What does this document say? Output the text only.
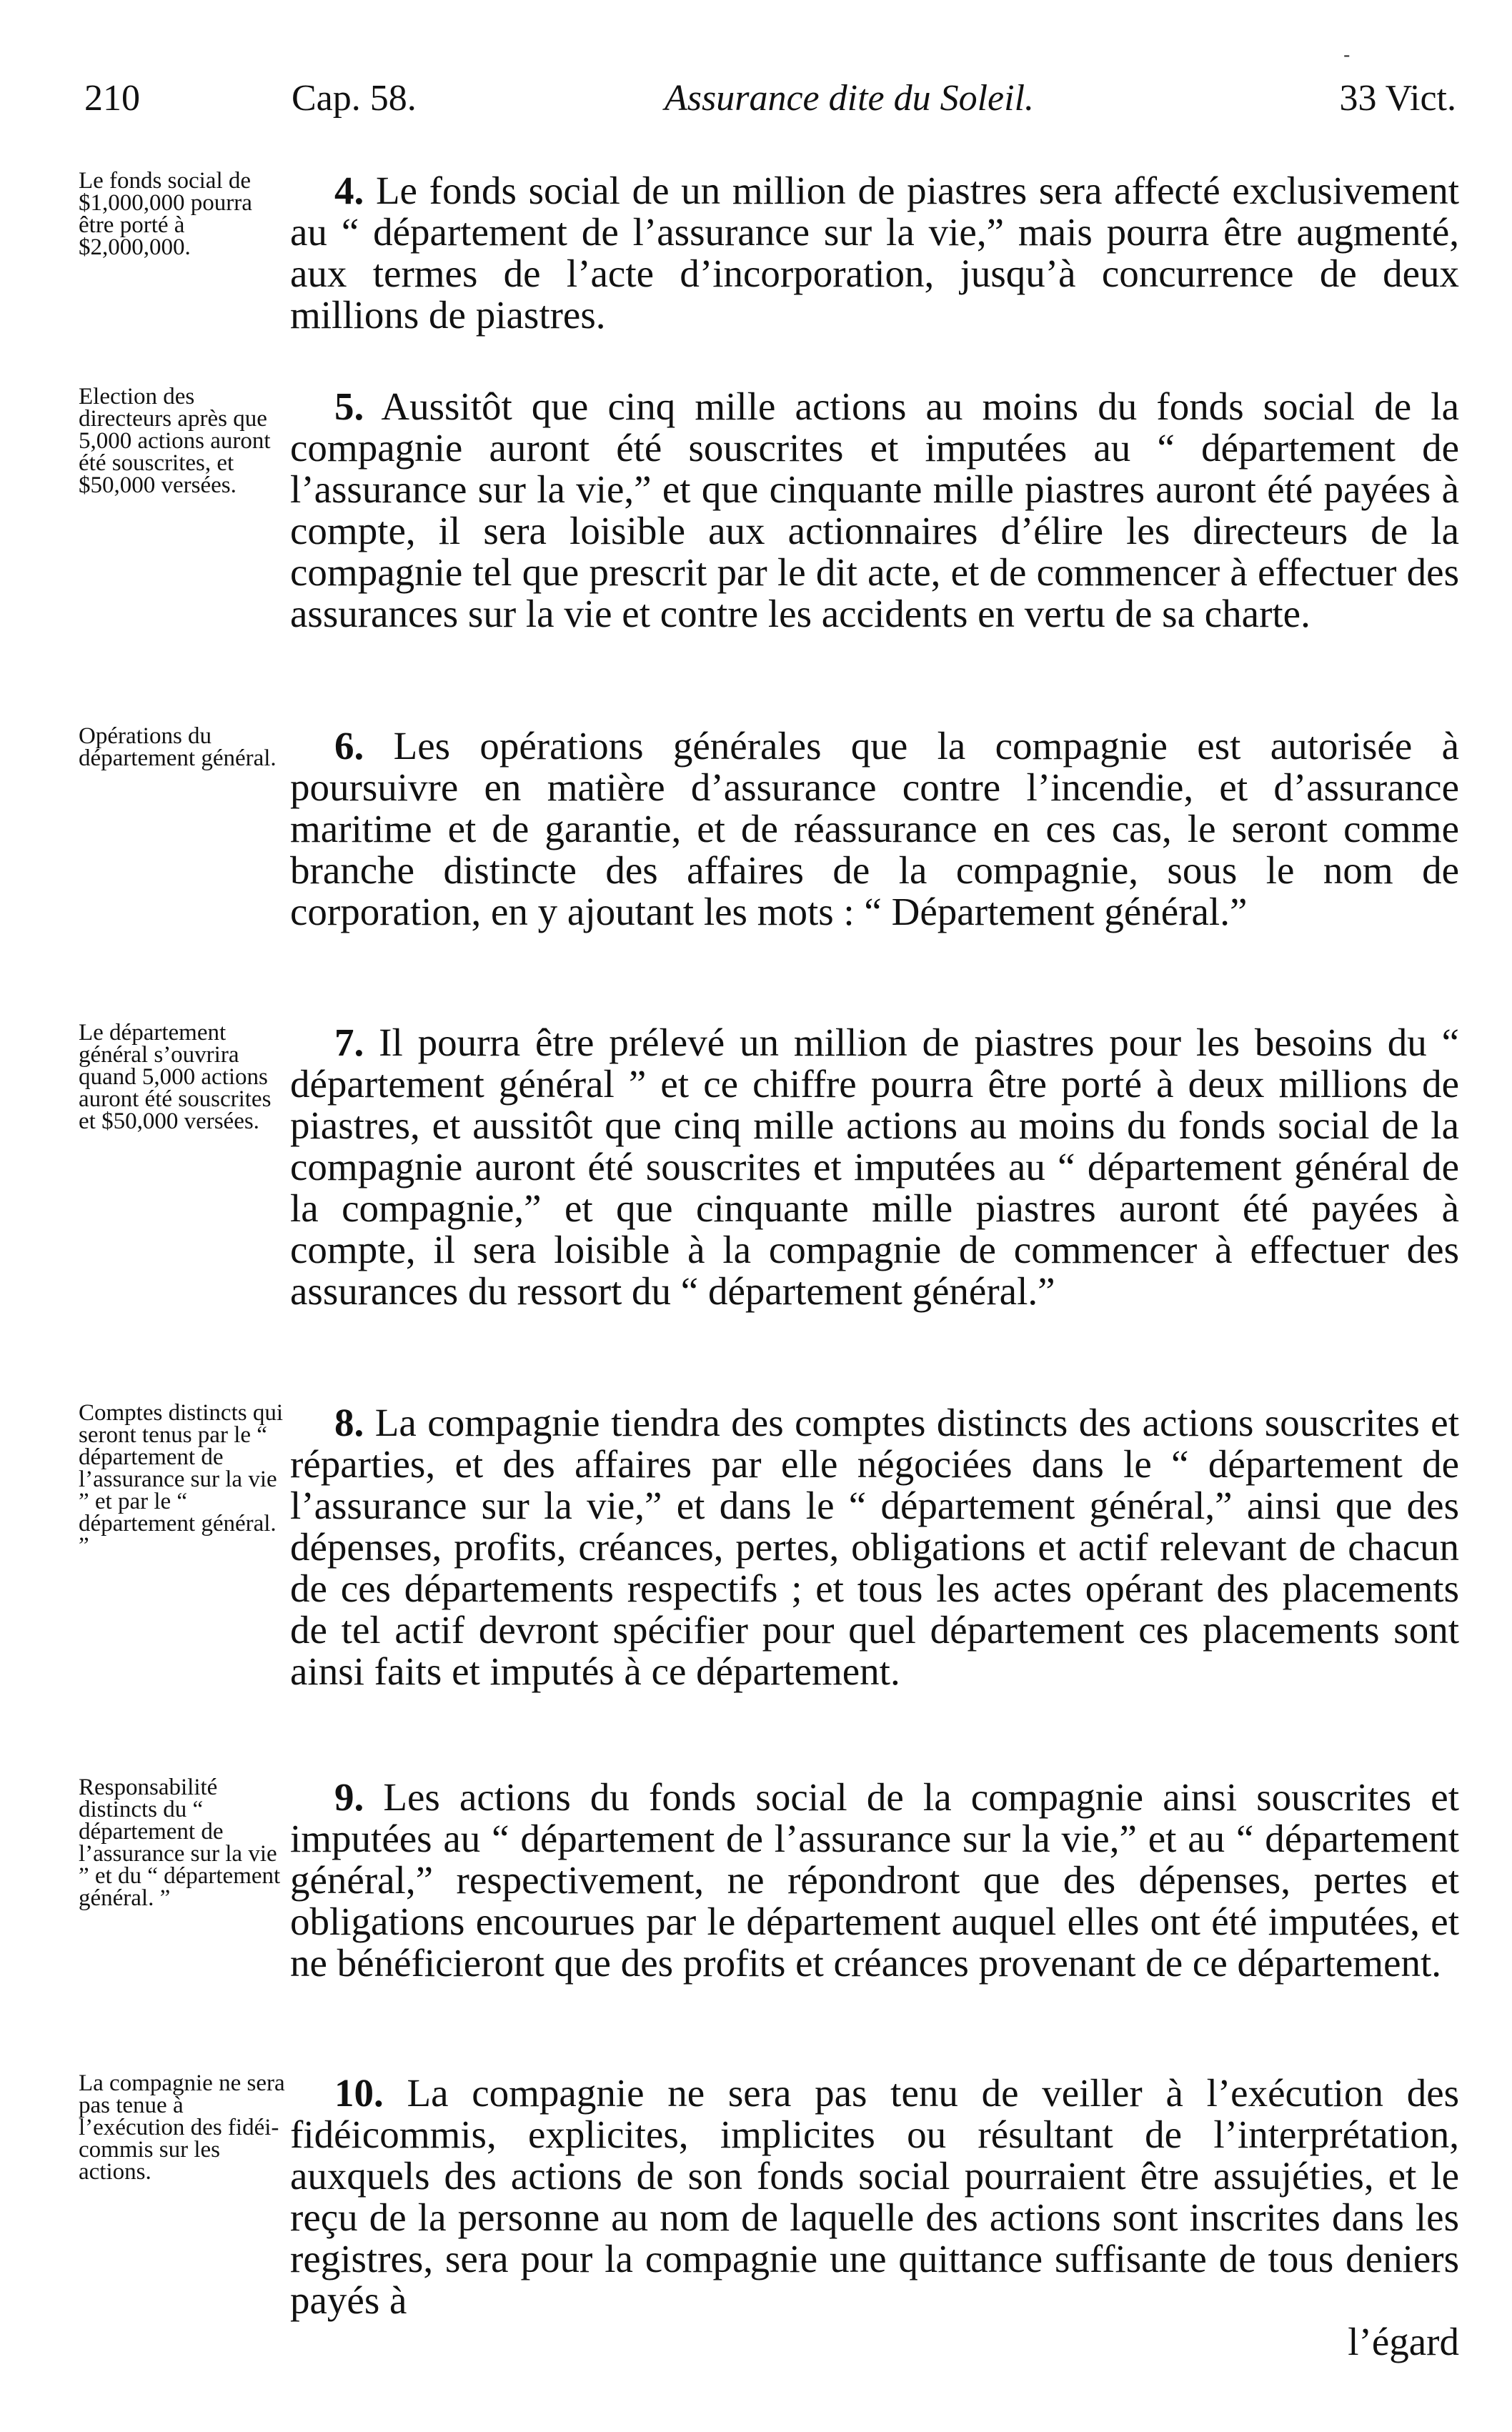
-
210	Cap. 58.	Assurance dite du Soleil.	33 Vict.
Le fonds social de $1,000,000 pourra être porté à $2,000,000.

4. Le fonds social de un million de piastres sera affecté exclusivement au “ département de l’assurance sur la vie,” mais pourra être augmenté, aux termes de l’acte d’incorporation, jusqu’à concurrence de deux millions de piastres.

Election des directeurs après que 5,000 actions auront été souscrites, et $50,000 versées.

5. Aussitôt que cinq mille actions au moins du fonds social de la compagnie auront été souscrites et imputées au “ département de l’assurance sur la vie,” et que cinquante mille piastres auront été payées à compte, il sera loisible aux actionnaires d’élire les directeurs de la compagnie tel que prescrit par le dit acte, et de commencer à effectuer des assurances sur la vie et contre les accidents en vertu de sa charte.

Opérations du département général.	6. Les opérations générales que la compagnie est autorisée à poursuivre en matière d’assurance contre l’incendie, et d’assurance maritime et de garantie, et de réassurance en ces cas, le seront comme branche distincte des affaires de la compagnie, sous le nom de corporation, en y ajoutant les mots : “ Département général.”

Le département général s’ouvrira quand 5,000 actions auront été souscrites et $50,000 versées.

7. Il pourra être prélevé un million de piastres pour les besoins du “ département général ” et ce chiffre pourra être porté à deux millions de piastres, et aussitôt que cinq mille actions au moins du fonds social de la compagnie auront été souscrites et imputées au “ département général de la compagnie,” et que cinquante mille piastres auront été payées à compte, il sera loisible à la compagnie de commencer à effectuer des assurances du ressort du “ département général.”

Comptes distincts qui seront tenus par le “ département de l’assurance sur la vie ” et par le “ département général. ”

8. La compagnie tiendra des comptes distincts des actions souscrites et réparties, et des affaires par elle négociées dans le “ département de l’assurance sur la vie,” et dans le “ département général,” ainsi que des dépenses, profits, créances, pertes, obligations et actif relevant de chacun de ces départements respectifs ; et tous les actes opérant des placements de tel actif devront spécifier pour quel département ces placements sont ainsi faits et imputés à ce département.

Responsabilité distincts du “ département de l’assurance sur la vie ” et du “ département général. ”

9. Les actions du fonds social de la compagnie ainsi souscrites et imputées au “ département de l’assurance sur la vie,” et au “ département général,” respectivement, ne répondront que des dépenses, pertes et obligations encourues par le département auquel elles ont été imputées, et ne bénéficieront que des profits et créances provenant de ce département.

La compagnie ne sera pas tenue à l’exécution des fidéi-commis sur les actions.

10. La compagnie ne sera pas tenu de veiller à l’exécution des fidéicommis, explicites, implicites ou résultant de l’interprétation, auxquels des actions de son fonds social pourraient être assujéties, et le reçu de la personne au nom de laquelle des actions sont inscrites dans les registres, sera pour la compagnie une quittance suffisante de tous deniers payés à

l’égard
